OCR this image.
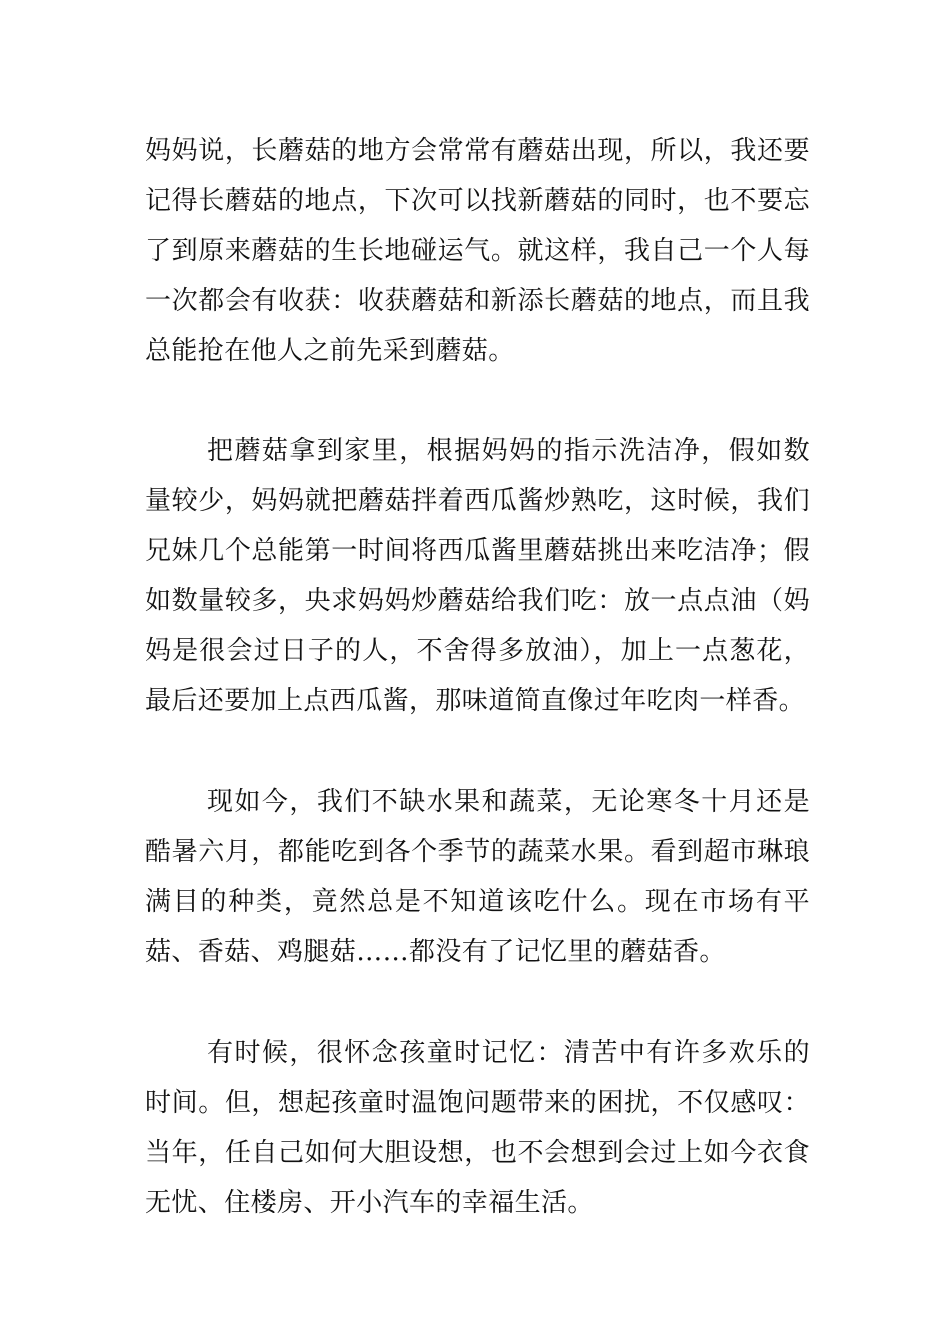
妈妈说，长蘑菇的地方会常常有蘑菇出现，所以，我还要记得长蘑菇的地点，下次可以找新蘑菇的同时，也不要忘了到原来蘑菇的生长地碰运气。就这样，我自己一个人每一次都会有收获：收获蘑菇和新添长蘑菇的地点，而且我总能抢在他人之前先采到蘑菇。

把蘑菇拿到家里，根据妈妈的指示洗洁净，假如数量较少，妈妈就把蘑菇拌着西瓜酱炒熟吃，这时候，我们兄妹几个总能第一时间将西瓜酱里蘑菇挑出来吃洁净；假如数量较多，央求妈妈炒蘑菇给我们吃：放一点点油（妈妈是很会过日子的人，不舍得多放油），加上一点葱花，最后还要加上点西瓜酱，那味道简直像过年吃肉一样香。

现如今，我们不缺水果和蔬菜，无论寒冬十月还是酷暑六月，都能吃到各个季节的蔬菜水果。看到超市琳琅满目的种类，竟然总是不知道该吃什么。现在市场有平菇、香菇、鸡腿菇……都没有了记忆里的蘑菇香。

有时候，很怀念孩童时记忆：清苦中有许多欢乐的时间。但，想起孩童时温饱问题带来的困扰，不仅感叹：当年，任自己如何大胆设想，也不会想到会过上如今衣食无忧、住楼房、开小汽车的幸福生活。
